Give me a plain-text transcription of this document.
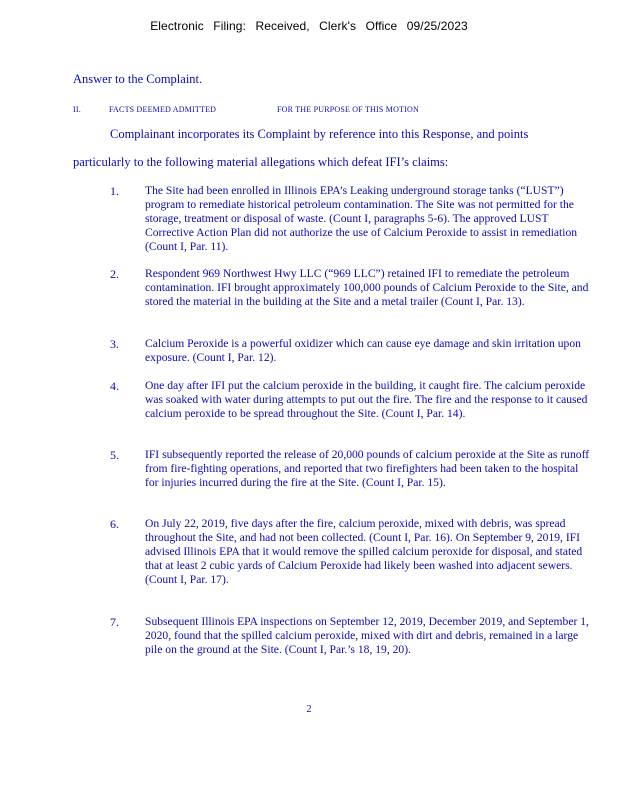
Electronic Filing: Received, Clerk's Office 09/25/2023
Answer to the Complaint.
II.	FACTS DEEMED ADMITTED	FOR THE PURPOSE OF THIS MOTION
Complainant incorporates its Complaint by reference into this Response, and points
particularly to the following material allegations which defeat IFI’s claims:
1. The Site had been enrolled in Illinois EPA’s Leaking underground storage tanks (“LUST”) program to remediate historical petroleum contamination. The Site was not permitted for the storage, treatment or disposal of waste. (Count I, paragraphs 5-6). The approved LUST Corrective Action Plan did not authorize the use of Calcium Peroxide to assist in remediation (Count I, Par. 11).
2. Respondent 969 Northwest Hwy LLC (“969 LLC”) retained IFI to remediate the petroleum contamination. IFI brought approximately 100,000 pounds of Calcium Peroxide to the Site, and stored the material in the building at the Site and a metal trailer (Count I, Par. 13).
3. Calcium Peroxide is a powerful oxidizer which can cause eye damage and skin irritation upon exposure. (Count I, Par. 12).
4. One day after IFI put the calcium peroxide in the building, it caught fire. The calcium peroxide was soaked with water during attempts to put out the fire. The fire and the response to it caused calcium peroxide to be spread throughout the Site. (Count I, Par. 14).
5. IFI subsequently reported the release of 20,000 pounds of calcium peroxide at the Site as runoff from fire-fighting operations, and reported that two firefighters had been taken to the hospital for injuries incurred during the fire at the Site. (Count I, Par. 15).
6. On July 22, 2019, five days after the fire, calcium peroxide, mixed with debris, was spread throughout the Site, and had not been collected. (Count I, Par. 16). On September 9, 2019, IFI advised Illinois EPA that it would remove the spilled calcium peroxide for disposal, and stated that at least 2 cubic yards of Calcium Peroxide had likely been washed into adjacent sewers. (Count I, Par. 17).
7. Subsequent Illinois EPA inspections on September 12, 2019, December 2019, and September 1, 2020, found that the spilled calcium peroxide, mixed with dirt and debris, remained in a large pile on the ground at the Site. (Count I, Par.’s 18, 19, 20).
2
